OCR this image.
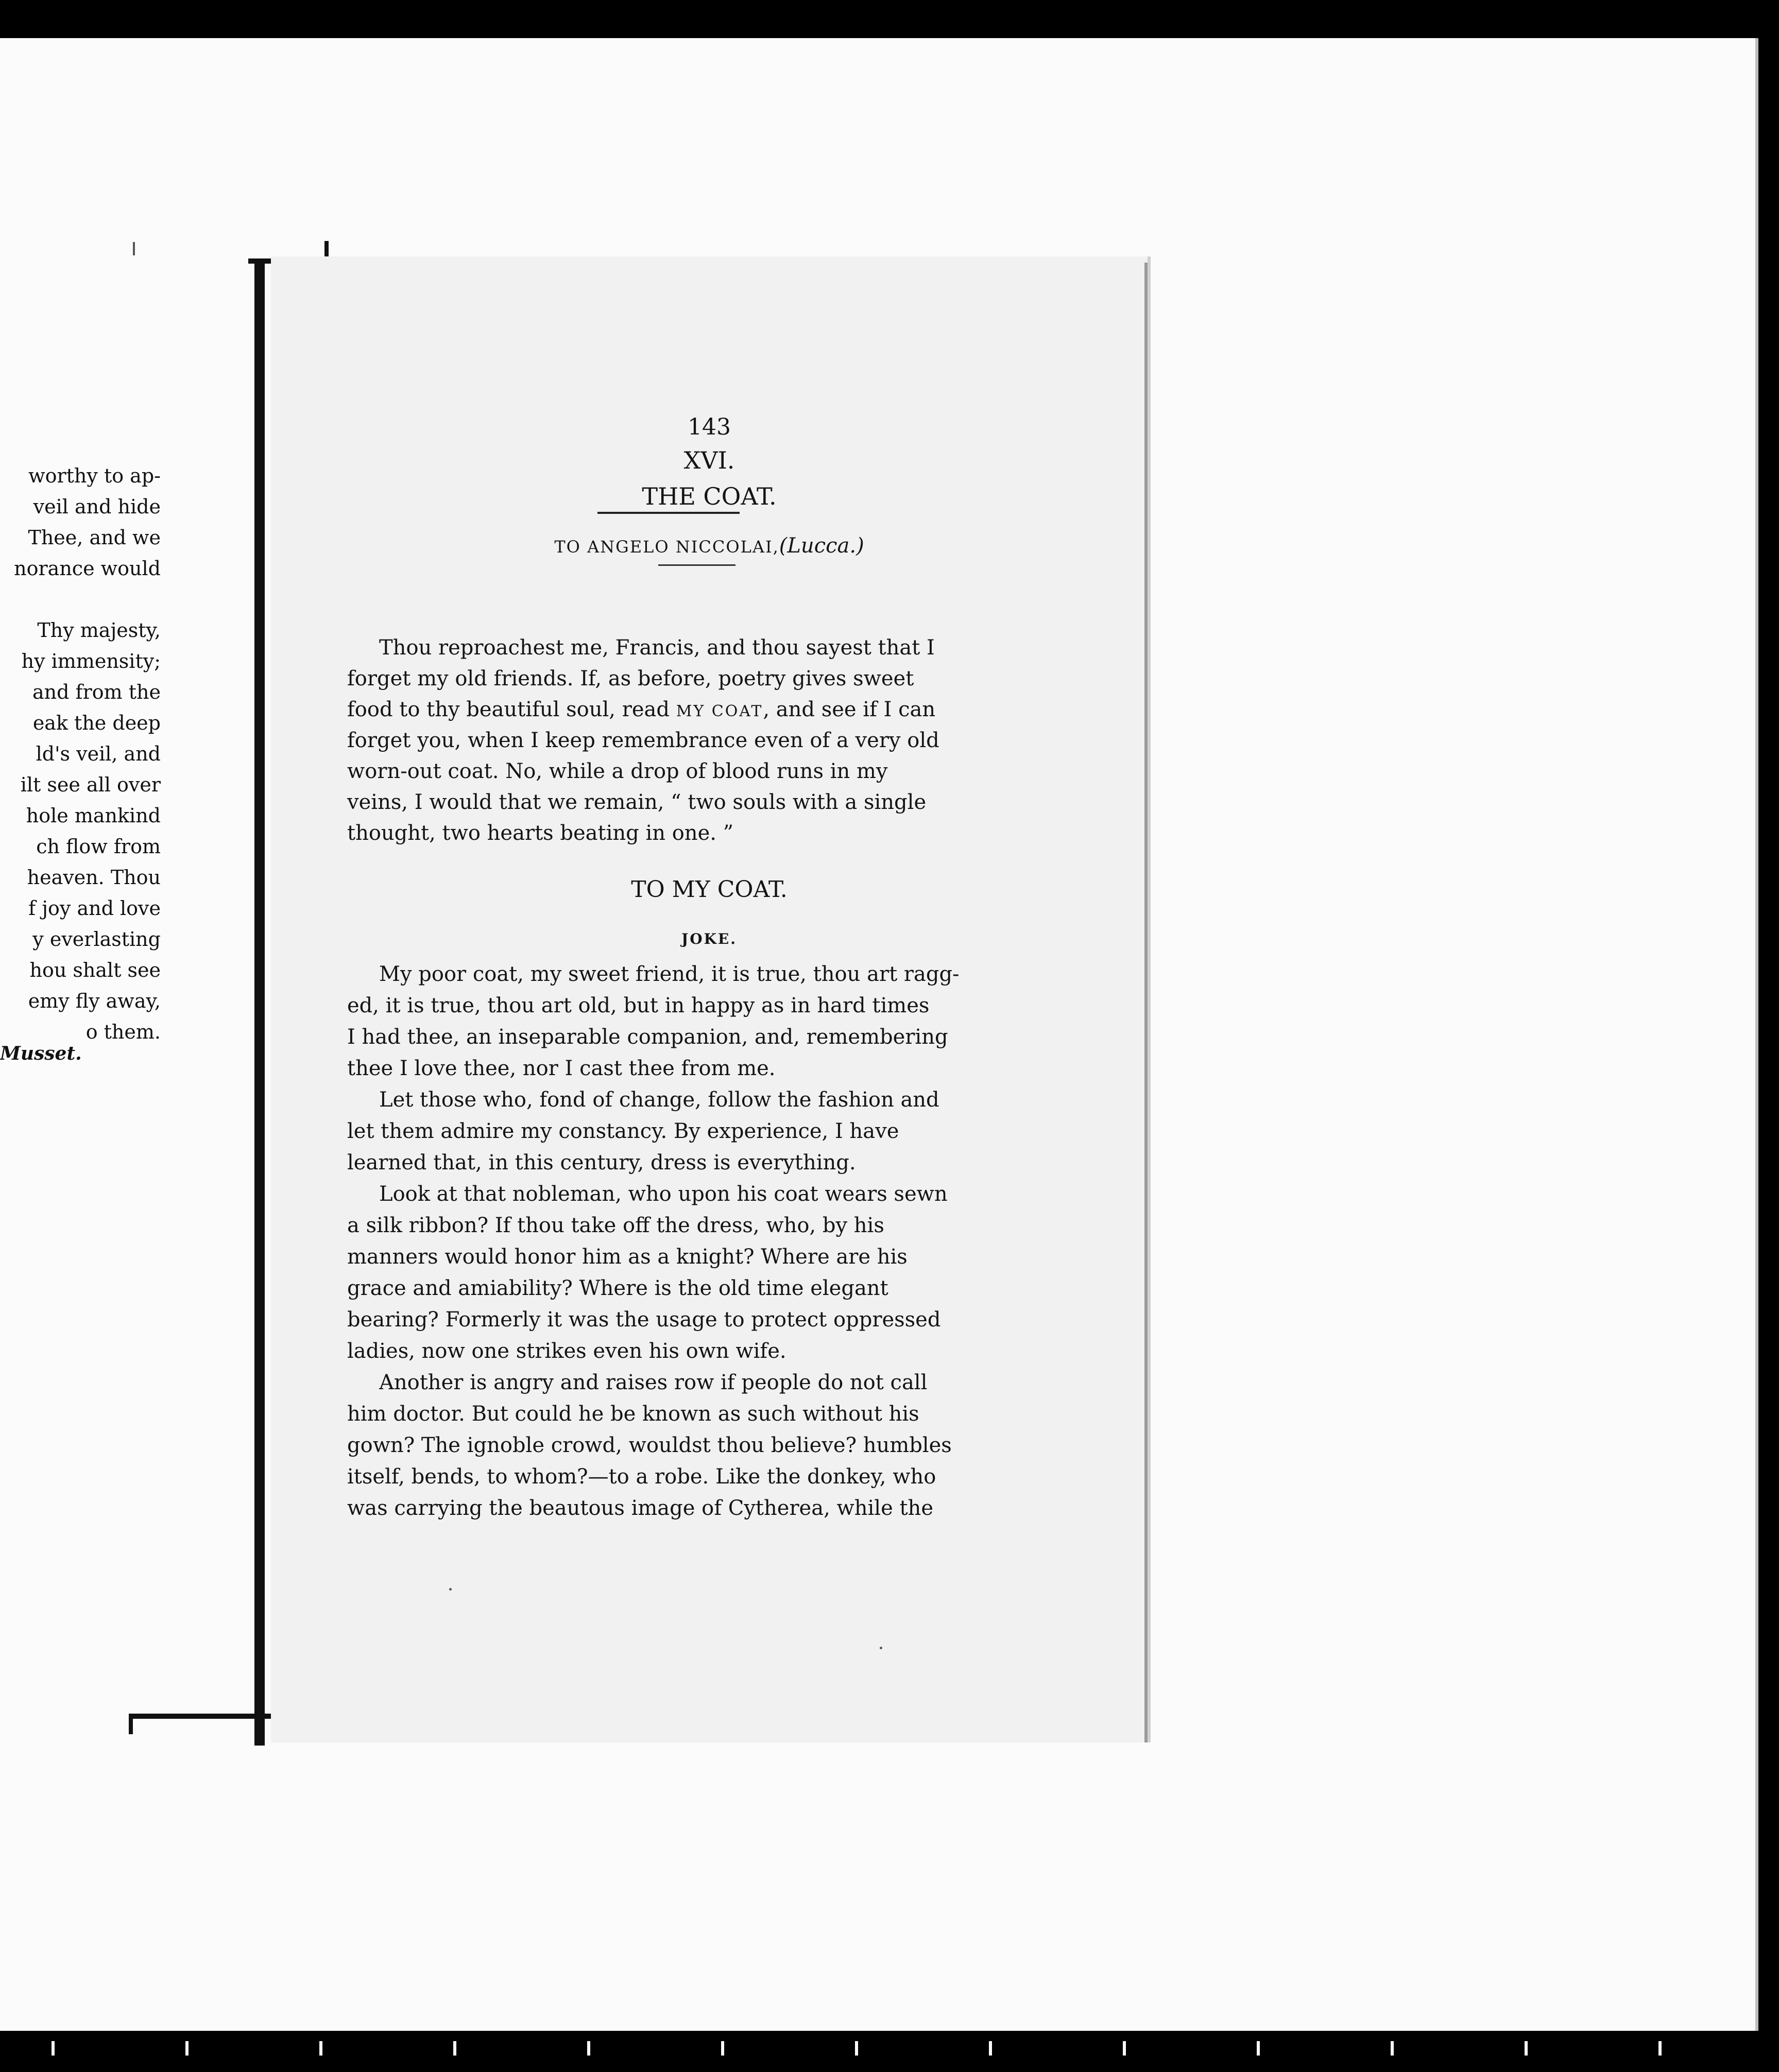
worthy to ap-
veil and hide
Thee, and we
norance would
Thy majesty,
hy immensity;
and from the
eak the deep
ld's veil, and
ilt see all over
hole mankind
ch flow from
heaven. Thou
f joy and love
y everlasting
hou shalt see
emy fly away,
o them.
Musset.
143
XVI.
THE COAT.
TO ANGELO NICCOLAI,(Lucca.)
Thou reproachest me, Francis, and thou sayest that I
forget my old friends. If, as before, poetry gives sweet
food to thy beautiful soul, read MY COAT, and see if I can
forget you, when I keep remembrance even of a very old
worn-out coat. No, while a drop of blood runs in my
veins, I would that we remain, “ two souls with a single
thought, two hearts beating in one. ”
TO MY COAT.
JOKE.
My poor coat, my sweet friend, it is true, thou art ragg-
ed, it is true, thou art old, but in happy as in hard times
I had thee, an inseparable companion, and, remembering
thee I love thee, nor I cast thee from me.
Let those who, fond of change, follow the fashion and
let them admire my constancy. By experience, I have
learned that, in this century, dress is everything.
Look at that nobleman, who upon his coat wears sewn
a silk ribbon? If thou take off the dress, who, by his
manners would honor him as a knight? Where are his
grace and amiability? Where is the old time elegant
bearing? Formerly it was the usage to protect oppressed
ladies, now one strikes even his own wife.
Another is angry and raises row if people do not call
him doctor. But could he be known as such without his
gown? The ignoble crowd, wouldst thou believe? humbles
itself, bends, to whom?—to a robe. Like the donkey, who
was carrying the beautous image of Cytherea, while the
